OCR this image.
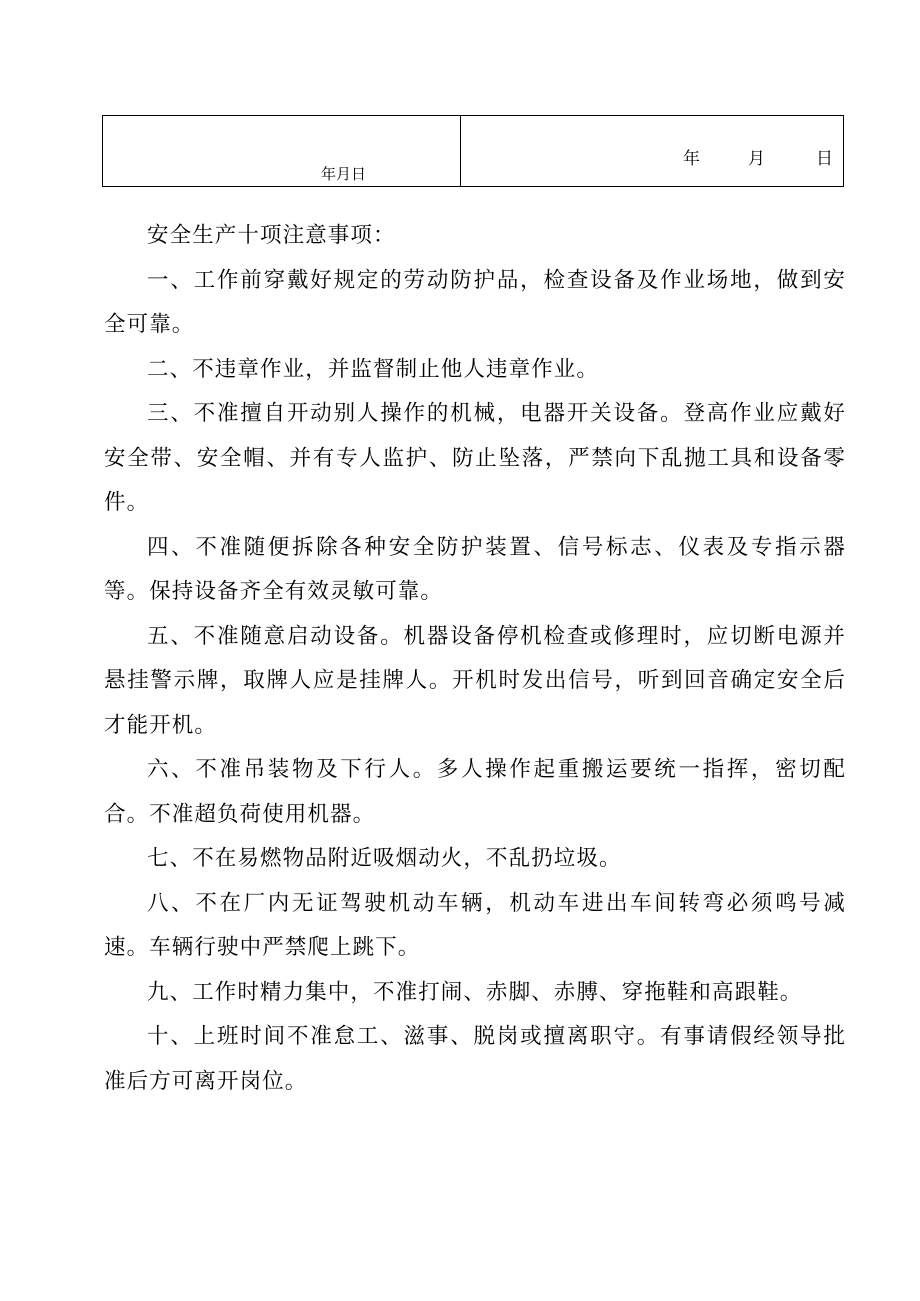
年月日

年	月	日

安全生产十项注意事项：

一、工作前穿戴好规定的劳动防护品，检查设备及作业场地，做到安全可靠。

二、不违章作业，并监督制止他人违章作业。

三、不准擅自开动别人操作的机械，电器开关设备。登高作业应戴好安全带、安全帽、并有专人监护、防止坠落，严禁向下乱抛工具和设备零件。

四、不准随便拆除各种安全防护装置、信号标志、仪表及专指示器等。保持设备齐全有效灵敏可靠。

五、不准随意启动设备。机器设备停机检查或修理时，应切断电源并悬挂警示牌，取牌人应是挂牌人。开机时发出信号，听到回音确定安全后才能开机。

六、不准吊装物及下行人。多人操作起重搬运要统一指挥，密切配合。不准超负荷使用机器。

七、不在易燃物品附近吸烟动火，不乱扔垃圾。

八、不在厂内无证驾驶机动车辆，机动车进出车间转弯必须鸣号减速。车辆行驶中严禁爬上跳下。

九、工作时精力集中，不准打闹、赤脚、赤膊、穿拖鞋和高跟鞋。

十、上班时间不准怠工、滋事、脱岗或擅离职守。有事请假经领导批准后方可离开岗位。
